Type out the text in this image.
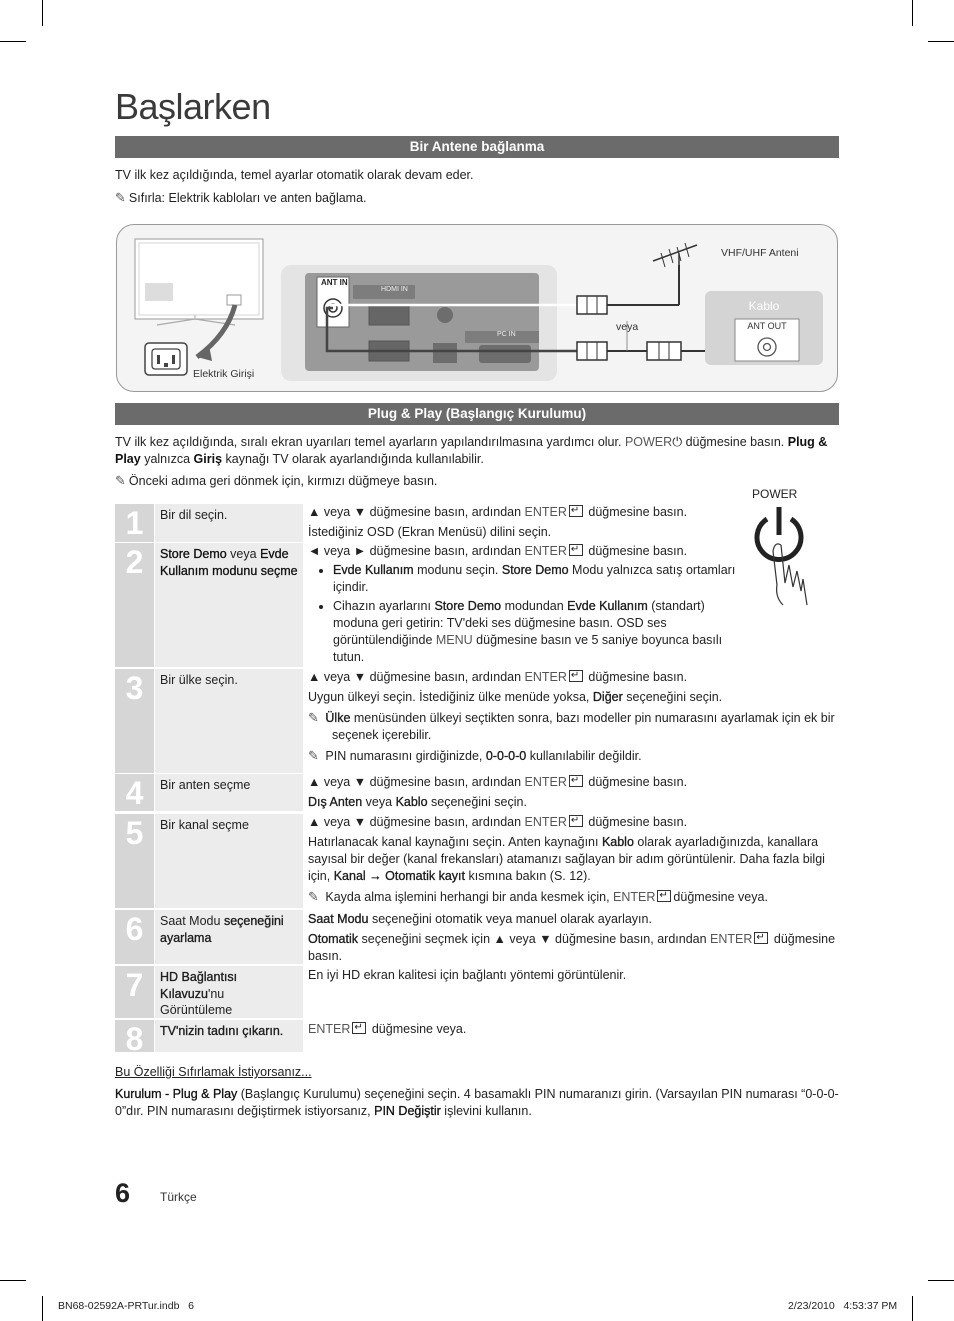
Başlarken
Bir Antene bağlanma
TV ilk kez açıldığında, temel ayarlar otomatik olarak devam eder.
✎ Sıfırla: Elektrik kabloları ve anten bağlama.
ANT IN
HDMI IN
PC IN
VHF/UHF Anteni
veya
Kablo
ANT OUT
Elektrik Girişi
Plug & Play (Başlangıç Kurulumu)
TV ilk kez açıldığında, sıralı ekran uyarıları temel ayarların yapılandırılmasına yardımcı olur. POWER⏻ düğmesine basın. Plug & Play yalnızca Giriş kaynağı TV olarak ayarlandığında kullanılabilir.
✎ Önceki adıma geri dönmek için, kırmızı düğmeye basın.
POWER
1	Bir dil seçin.	▲ veya ▼ düğmesine basın, ardından ENTER ↵ düğmesine basın.
İstediğiniz OSD (Ekran Menüsü) dilini seçin.
2	Store Demo veya Evde Kullanım modunu seçme
◄ veya ► düğmesine basın, ardından ENTER ↵ düğmesine basın.
• Evde Kullanım modunu seçin. Store Demo Modu yalnızca satış ortamları içindir.
• Cihazın ayarlarını Store Demo modundan Evde Kullanım (standart) moduna geri getirin: TV'deki ses düğmesine basın. OSD ses görüntülendiğinde MENU düğmesine basın ve 5 saniye boyunca basılı tutun.
3	Bir ülke seçin.	▲ veya ▼ düğmesine basın, ardından ENTER ↵ düğmesine basın.
Uygun ülkeyi seçin. İstediğiniz ülke menüde yoksa, Diğer seçeneğini seçin.
✎ Ülke menüsünden ülkeyi seçtikten sonra, bazı modeller pin numarasını ayarlamak için ek bir seçenek içerebilir.
✎ PIN numarasını girdiğinizde, 0-0-0-0 kullanılabilir değildir.
4	Bir anten seçme	▲ veya ▼ düğmesine basın, ardından ENTER ↵ düğmesine basın.
Dış Anten veya Kablo seçeneğini seçin.
5	Bir kanal seçme	▲ veya ▼ düğmesine basın, ardından ENTER ↵ düğmesine basın.
Hatırlanacak kanal kaynağını seçin. Anten kaynağını Kablo olarak ayarladığınızda, kanallara sayısal bir değer (kanal frekansları) atamanızı sağlayan bir adım görüntülenir. Daha fazla bilgi için, Kanal → Otomatik kayıt kısmına bakın (S. 12).
✎ Kayda alma işlemini herhangi bir anda kesmek için, ENTER ↵ düğmesine veya.
6	Saat Modu seçeneğini ayarlama
Saat Modu seçeneğini otomatik veya manuel olarak ayarlayın.
Otomatik seçeneğini seçmek için ▲ veya ▼ düğmesine basın, ardından ENTER↵ düğmesine basın.
7	HD Bağlantısı Kılavuzu'nu Görüntüleme
En iyi HD ekran kalitesi için bağlantı yöntemi görüntülenir.
8	TV'nizin tadını çıkarın.	ENTER ↵ düğmesine veya.
Bu Özelliği Sıfırlamak İstiyorsanız...
Kurulum - Plug & Play (Başlangıç Kurulumu) seçeneğini seçin. 4 basamaklı PIN numaranızı girin. (Varsayılan PIN numarası “0-0-0-0”dır. PIN numarasını değiştirmek istiyorsanız, PIN Değiştir işlevini kullanın.
6 Türkçe
BN68-02592A-PRTur.indb   6	2/23/2010   4:53:37 PM
